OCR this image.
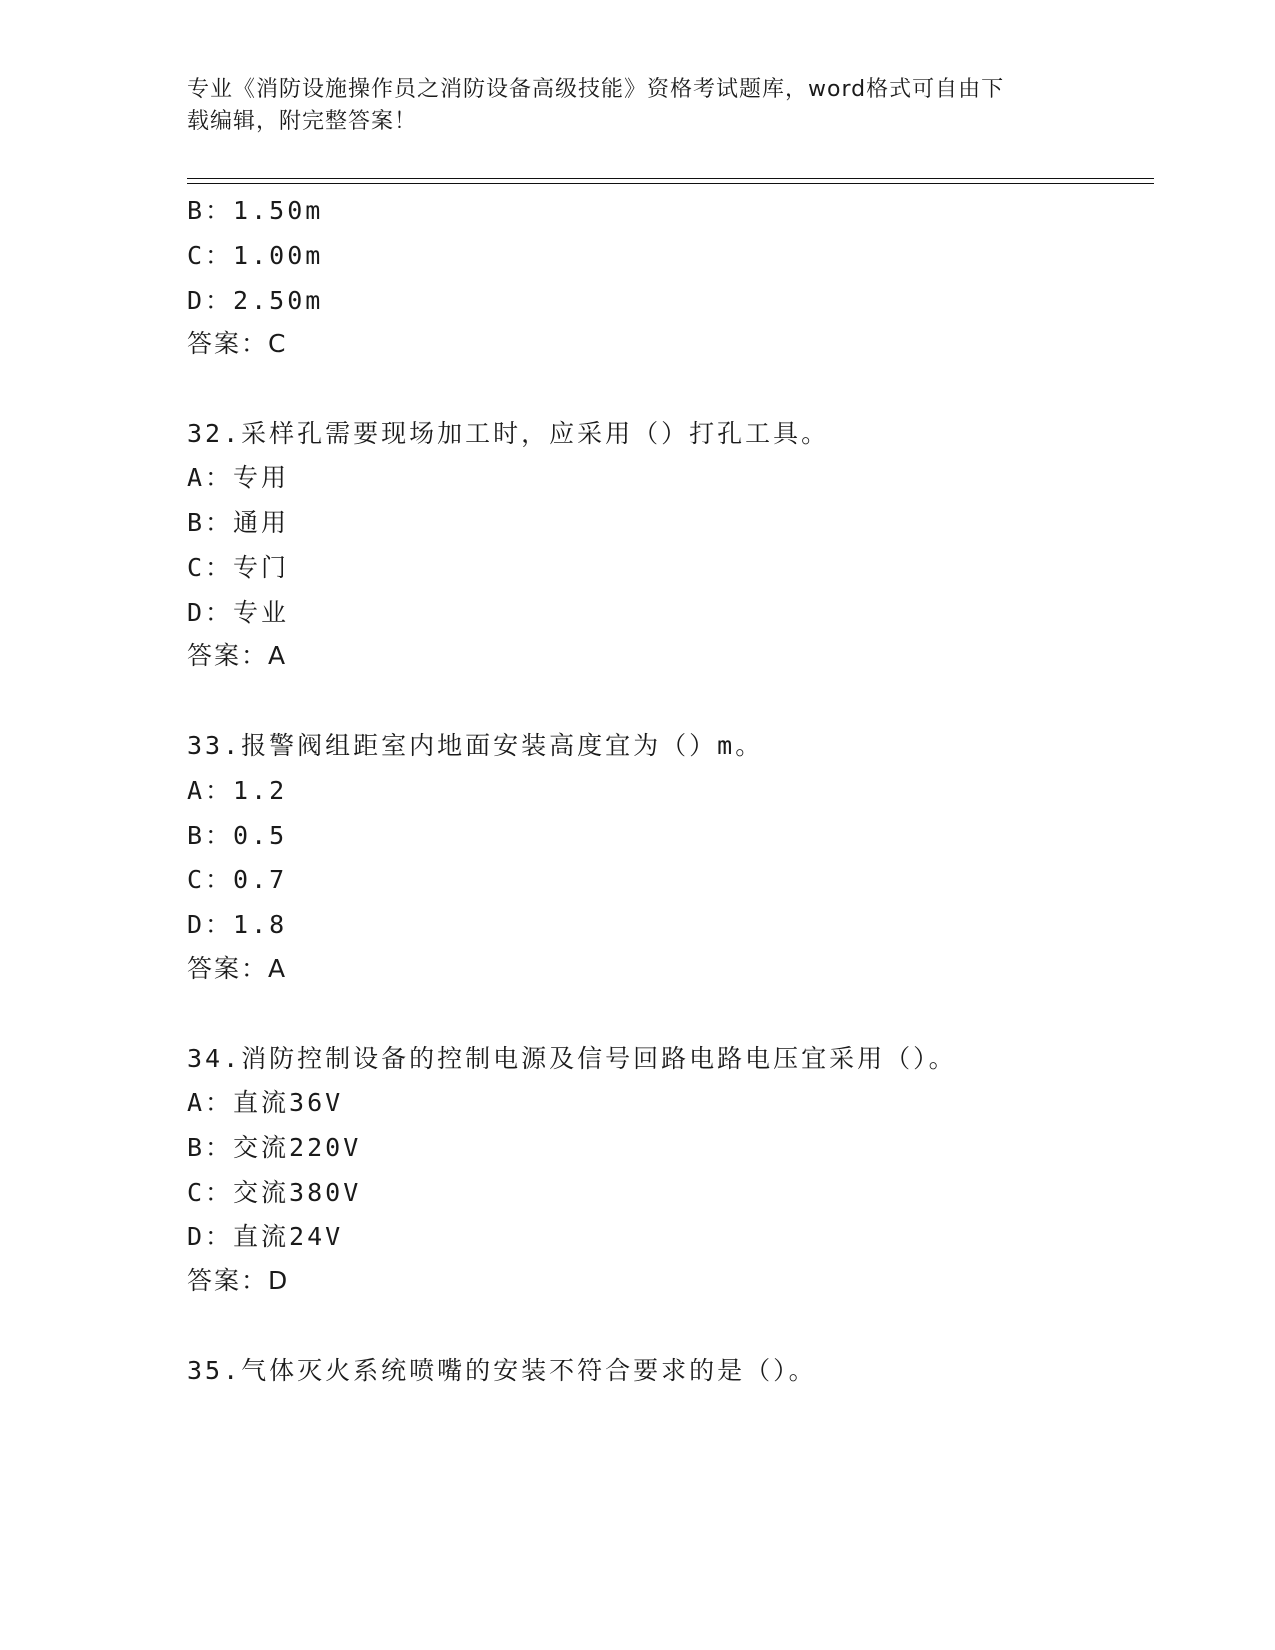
专业《消防设施操作员之消防设备高级技能》资格考试题库，word格式可自由下
载编辑，附完整答案！
B：1.50m
C：1.00m
D：2.50m
答案：C
32.采样孔需要现场加工时，应采用（）打孔工具。
A：专用
B：通用
C：专门
D：专业
答案：A
33.报警阀组距室内地面安装高度宜为（）m。
A：1.2
B：0.5
C：0.7
D：1.8
答案：A
34.消防控制设备的控制电源及信号回路电路电压宜采用（）。
A：直流36V
B：交流220V
C：交流380V
D：直流24V
答案：D
35.气体灭火系统喷嘴的安装不符合要求的是（）。
